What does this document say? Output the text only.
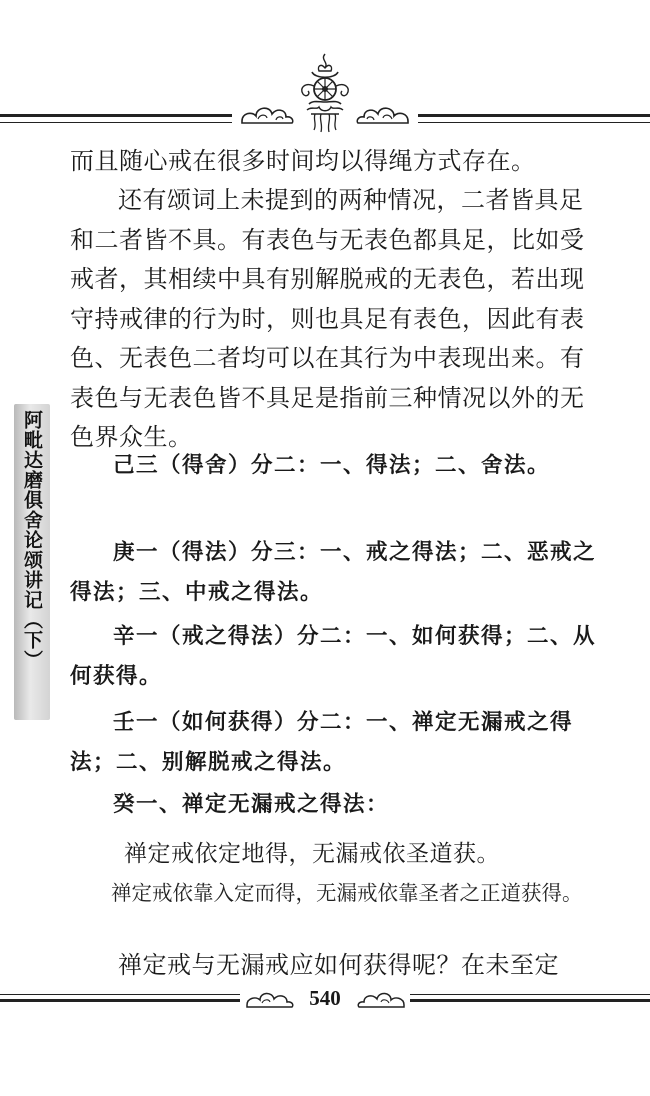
阿毗达磨俱舍论颂讲记（下）

而且随心戒在很多时间均以得绳方式存在。

还有颂词上未提到的两种情况，二者皆具足和二者皆不具。有表色与无表色都具足，比如受戒者，其相续中具有别解脱戒的无表色，若出现守持戒律的行为时，则也具足有表色，因此有表色、无表色二者均可以在其行为中表现出来。有表色与无表色皆不具足是指前三种情况以外的无色界众生。

己三（得舍）分二：一、得法；二、舍法。

庚一（得法）分三：一、戒之得法；二、恶戒之得法；三、中戒之得法。

辛一（戒之得法）分二：一、如何获得；二、从何获得。

壬一（如何获得）分二：一、禅定无漏戒之得法；二、别解脱戒之得法。

癸一、禅定无漏戒之得法：

禅定戒依定地得，无漏戒依圣道获。

禅定戒依靠入定而得，无漏戒依靠圣者之正道获得。

禅定戒与无漏戒应如何获得呢？在未至定

540
